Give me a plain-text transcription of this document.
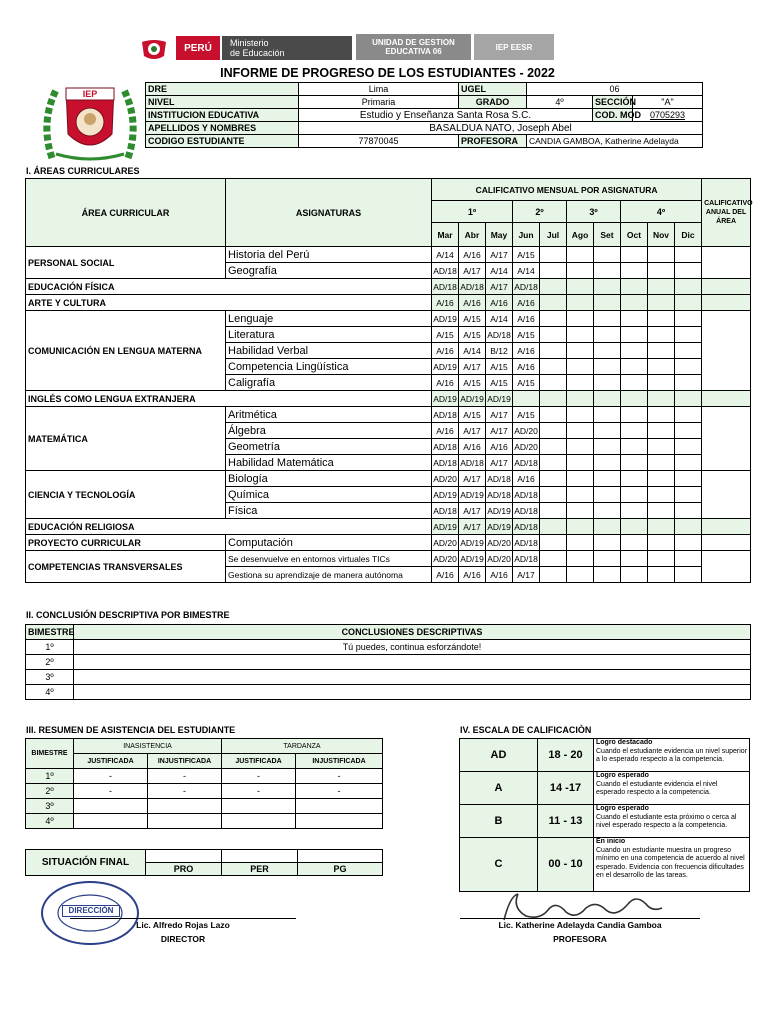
PERÚ Ministerio
de Educación
UNIDAD DE GESTION
EDUCATIVA 06	IEP EESR
IEP
INFORME DE PROGRESO DE LOS ESTUDIANTES - 2022
DRE	Lima	UGEL	06		
NIVEL	Primaria	GRADO	4º	SECCIÓN	"A"
INSTITUCION EDUCATIVA	Estudio y Enseñanza Santa Rosa S.C.			COD. MOD	0705293
APELLIDOS Y NOMBRES	BASALDUA NATO, Joseph Abel				
CODIGO ESTUDIANTE	77870045	PROFESORA	CANDIA GAMBOA, Katherine Adelayda		
I. ÁREAS CURRICULARES
ÁREA CURRICULAR	ASIGNATURAS	CALIFICATIVO MENSUAL POR ASIGNATURA										CALIFICATIVO ANUAL DEL ÁREA
		1º			2º		3º		4º			
		Mar	Abr	May	Jun	Jul	Ago	Set	Oct	Nov	Dic	
PERSONAL SOCIAL	Historia del Perú	A/14	A/16	A/17	A/15							
	Geografía	AD/18	A/17	A/14	A/14							
EDUCACIÓN FÍSICA		AD/18	AD/18	A/17	AD/18							
ARTE Y CULTURA		A/16	A/16	A/16	A/16							
COMUNICACIÓN EN LENGUA MATERNA	Lenguaje	AD/19	A/15	A/14	A/16							
	Literatura	A/15	A/15	AD/18	A/15							
	Habilidad Verbal	A/16	A/14	B/12	A/16							
	Competencia Lingüística	AD/19	A/17	A/15	A/16							
	Caligrafía	A/16	A/15	A/15	A/15							
INGLÉS COMO LENGUA EXTRANJERA		AD/19	AD/19	AD/19								
MATEMÁTICA	Aritmética	AD/18	A/15	A/17	A/15							
	Álgebra	A/16	A/17	A/17	AD/20							
	Geometría	AD/18	A/16	A/16	AD/20							
	Habilidad Matemática	AD/18	AD/18	A/17	AD/18							
CIENCIA Y TECNOLOGÍA	Biología	AD/20	A/17	AD/18	A/16							
	Química	AD/19	AD/19	AD/18	AD/18							
	Física	AD/18	A/17	AD/19	AD/18							
EDUCACIÓN RELIGIOSA		AD/19	A/17	AD/19	AD/18							
PROYECTO CURRICULAR	Computación	AD/20	AD/19	AD/20	AD/18							
COMPETENCIAS TRANSVERSALES	Se desenvuelve en entornos virtuales TICs	AD/20	AD/19	AD/20	AD/18							
	Gestiona su aprendizaje de manera autónoma	A/16	A/16	A/16	A/17							
II. CONCLUSIÓN DESCRIPTIVA POR BIMESTRE
BIMESTRE	CONCLUSIONES DESCRIPTIVAS
1º	Tú puedes, continua esforzándote!
2º	
3º	
4º	
III. RESUMEN DE ASISTENCIA DEL ESTUDIANTE
BIMESTRE	INASISTENCIA		TARDANZA	
	JUSTIFICADA	INJUSTIFICADA	JUSTIFICADA	INJUSTIFICADA
1º	-	-	-	-
2º	-	-	-	-
3º				
4º				
SITUACIÓN FINAL			
	PRO	PER	PG
IV. ESCALA DE CALIFICACIÒN
AD	18 - 20	Logro destacado
Cuando el estudiante evidencia un nivel superior a lo esperado respecto a la competencia.

A	14 -17	Logro esperado
Cuando el estudiante evidencia el nivel esperado respecto a la competencia.

B	11 - 13	Logro esperado
Cuando el estudiante esta próximo o cerca al nivel esperado respecto a la competencia.

C	00 - 10	En inicio
Cuando un estudiante muestra un progreso mínimo en una competencia de acuerdo al nivel esperado. Evidencia con frecuencia dificultades en el desarrollo de las tareas.
DIRECCIÓN
Lic. Alfredo Rojas Lazo
DIRECTOR
Lic. Katherine Adelayda Candia Gamboa
PROFESORA
